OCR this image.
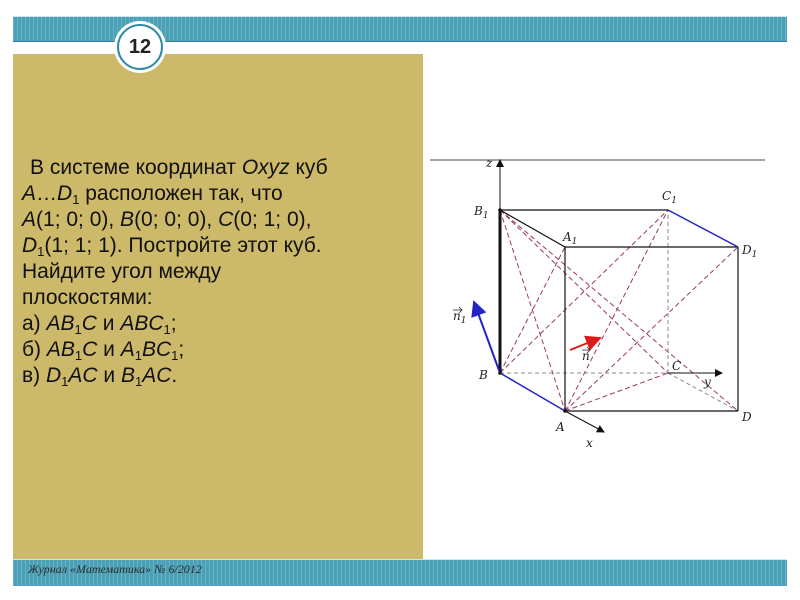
12
В системе координат Oxyz куб
$A\dots D_1$ расположен так, что
A(1; 0; 0), B(0; 0; 0), C(0; 1; 0),
$D_1(1$; 1; 1). Постройте этот куб.
Найдите угол между
плоскостями:
а) $AB_1C$ и $ABC_1$;
б) $AB_1C$ и $A_1BC_1$;
в) $D_1AC$ и $B_1AC$.
z
y
x
$B_1$
$C_1$
$A_1$
$D_1$
B
C
A
D
$n_1$
n
Журнал «Математика» № 6/2012
